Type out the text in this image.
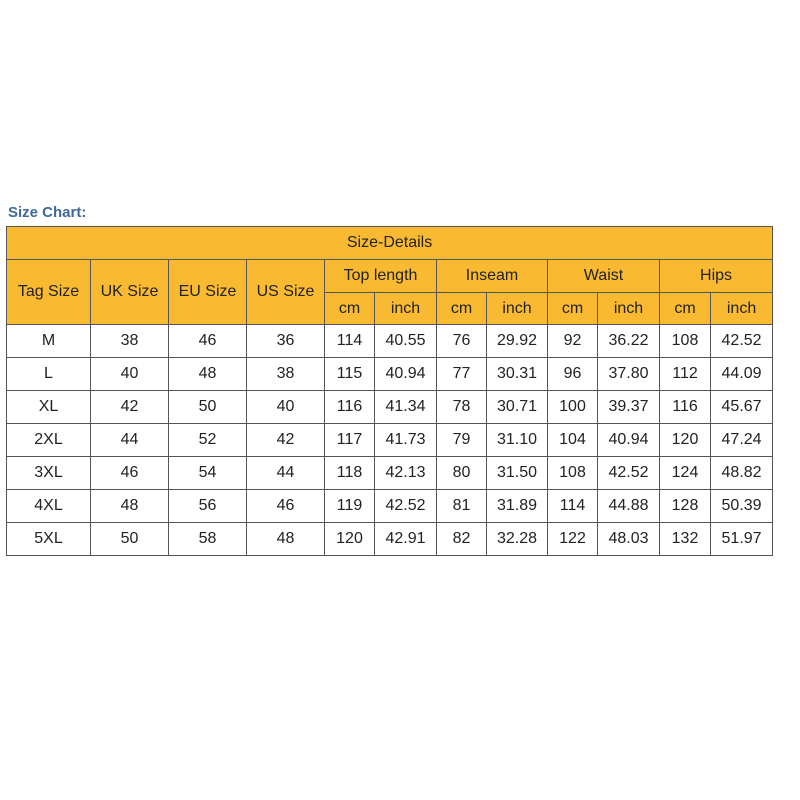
Size Chart:
Size-Details											
Tag Size	UK Size	EU Size	US Size	Top length		Inseam		Waist		Hips	
				cm	inch	cm	inch	cm	inch	cm	inch
M	38	46	36	114	40.55	76	29.92	92	36.22	108	42.52
L	40	48	38	115	40.94	77	30.31	96	37.80	112	44.09
XL	42	50	40	116	41.34	78	30.71	100	39.37	116	45.67
2XL	44	52	42	117	41.73	79	31.10	104	40.94	120	47.24
3XL	46	54	44	118	42.13	80	31.50	108	42.52	124	48.82
4XL	48	56	46	119	42.52	81	31.89	114	44.88	128	50.39
5XL	50	58	48	120	42.91	82	32.28	122	48.03	132	51.97
